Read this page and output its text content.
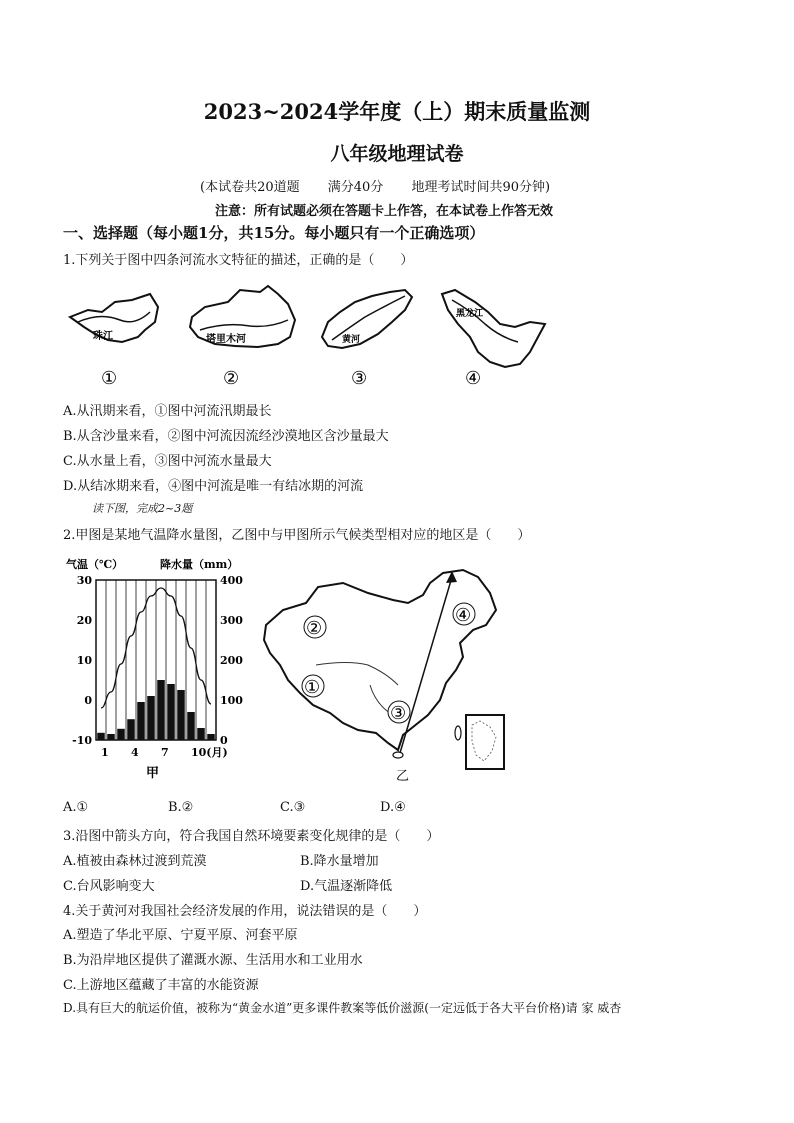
2023~2024学年度（上）期末质量监测
八年级地理试卷
(本试卷共20道题 满分40分 地理考试时间共90分钟)
注意：所有试题必须在答题卡上作答，在本试卷上作答无效
一、选择题（每小题1分，共15分。每小题只有一个正确选项）
1.下列关于图中四条河流水文特征的描述，正确的是（　　）
珠江
①
塔里木河
②
黄河
③
黑龙江
④
A.从汛期来看，①图中河流汛期最长
B.从含沙量来看，②图中河流因流经沙漠地区含沙量最大
C.从水量上看，③图中河流水量最大
D.从结冰期来看，④图中河流是唯一有结冰期的河流
读下图，完成2~3题
2.甲图是某地气温降水量图，乙图中与甲图所示气候类型相对应的地区是（　　）
气温（℃）	降水量（mm）
30
20
10
0
-10
400
300
200
100
0
1 4 7 10(月)
甲
①
②
③
④
乙
A.①	B.②	C.③	D.④
3.沿图中箭头方向，符合我国自然环境要素变化规律的是（　　）
A.植被由森林过渡到荒漠	B.降水量增加
C.台风影响变大	D.气温逐渐降低
4.关于黄河对我国社会经济发展的作用，说法错误的是（　　）
A.塑造了华北平原、宁夏平原、河套平原
B.为沿岸地区提供了灌溉水源、生活用水和工业用水
C.上游地区蕴藏了丰富的水能资源
D.具有巨大的航运价值，被称为“黄金水道”更多课件教案等低价滋源(一定远低于各大平台价格)请 家 威杏
